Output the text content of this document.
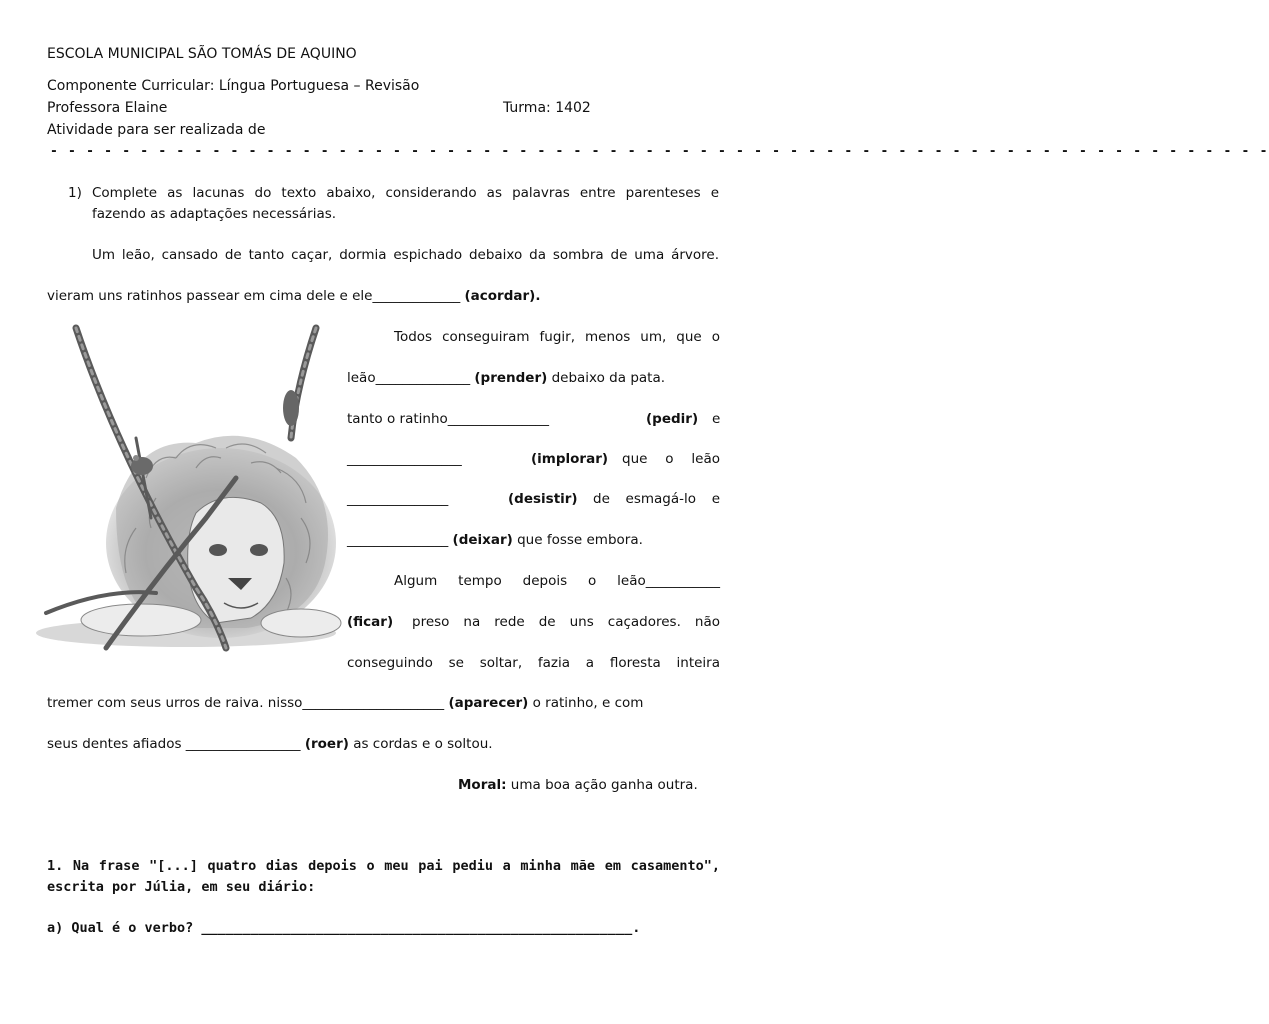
ESCOLA MUNICIPAL SÃO TOMÁS DE AQUINO
Componente Curricular: Língua Portuguesa – Revisão
Professora Elaine	Turma: 1402
Atividade para ser realizada de
- - - - - - - - - - - - - - - - - - - - - - - - - - - - - - - - - - - - - - - - - - - - - - - - - - - - - - - - - - - - - - - - - - - -
1) Complete as lacunas do texto abaixo, considerando as palavras entre parenteses e
fazendo as adaptações necessárias.
Um leão, cansado de tanto caçar, dormia espichado debaixo da sombra de uma árvore.
vieram uns ratinhos passear em cima dele e ele_____________ (acordar).
Todos conseguiram fugir, menos um, que o
leão______________ (prender) debaixo da pata.
tanto o ratinho_______________	(pedir) e
_________________	(implorar) que o leão
_______________	(desistir) de esmagá-lo e
_______________ (deixar) que fosse embora.
Algum tempo depois o leão___________
(ficar) preso na rede de uns caçadores. não
conseguindo se soltar, fazia a floresta inteira
tremer com seus urros de raiva. nisso_____________________ (aparecer) o ratinho, e com
seus dentes afiados _________________ (roer) as cordas e o soltou.
Moral: uma boa ação ganha outra.
1. Na frase "[...] quatro dias depois o meu pai pediu a minha mãe em casamento",
escrita por Júlia, em seu diário:
a) Qual é o verbo? _____________________________________________________.
